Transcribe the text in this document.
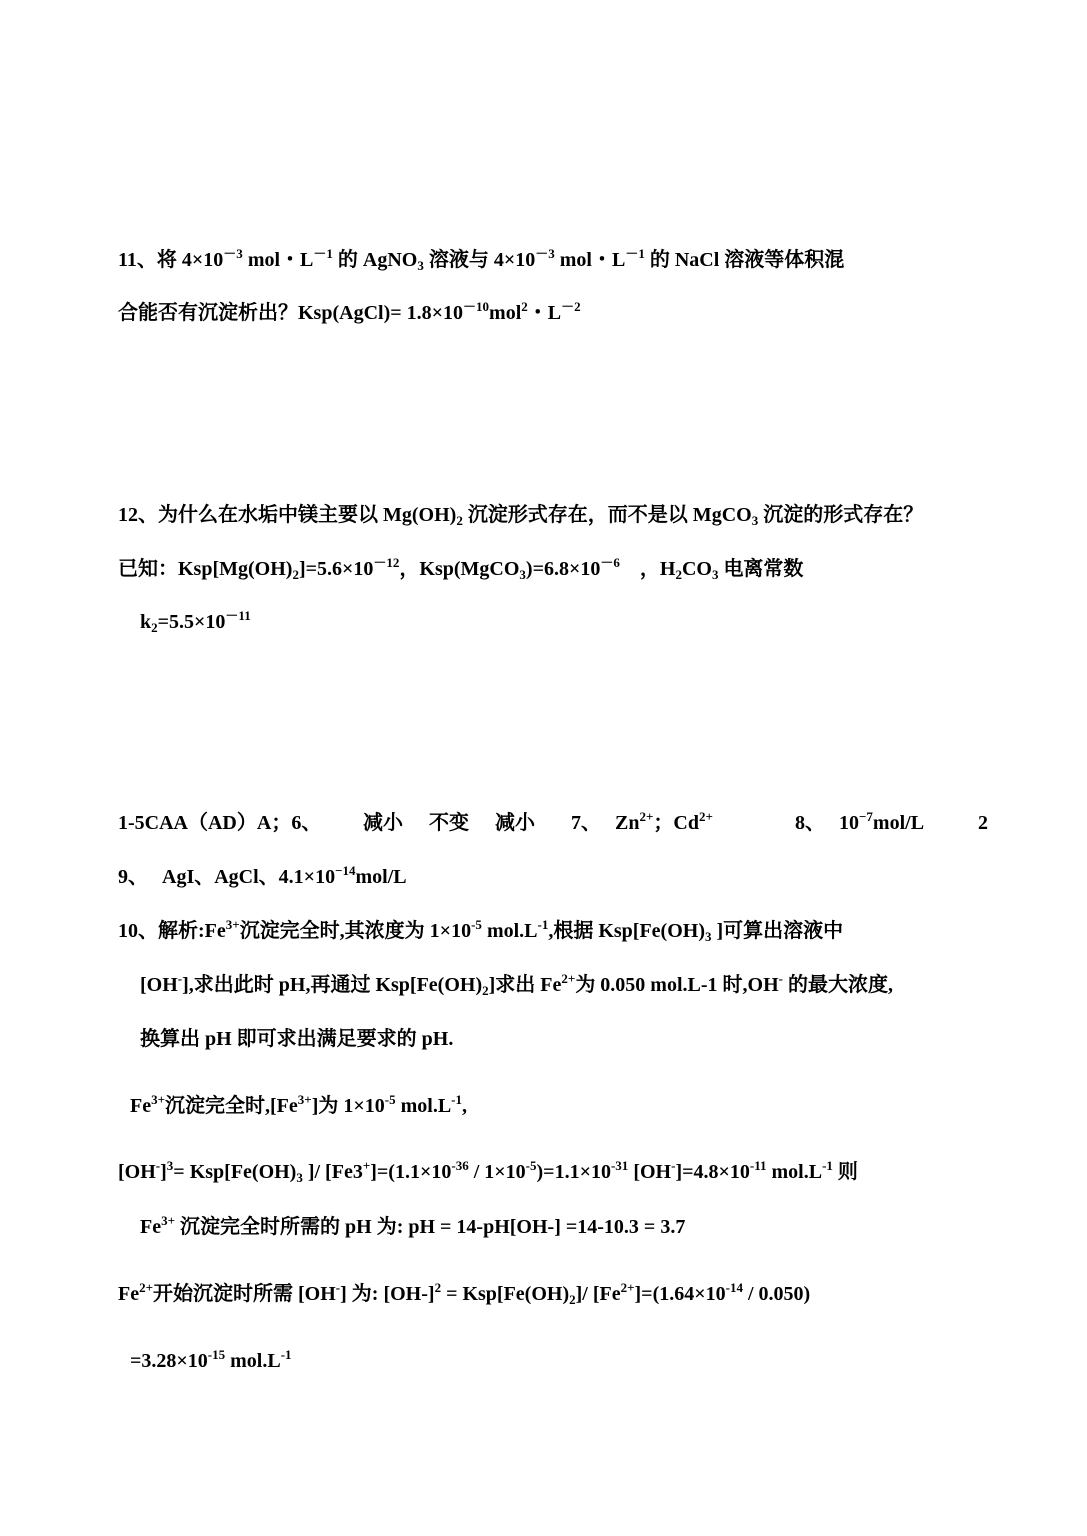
11、将 $4\times 10^{-3}$ mol・$L^{-1}$ 的 AgNO$_3$ 溶液与 $4\times 10^{-3}$ mol・$L^{-1}$ 的 NaCl 溶液等体积混
合能否有沉淀析出？Ksp(AgCl)= $1.8\times 10^{-10}mol^2$・$L^{-2}$
12、为什么在水垢中镁主要以 $Mg(OH)_2$ 沉淀形式存在，而不是以 MgCO$_3$ 沉淀的形式存在？
已知：$Ksp[Mg(OH)_2]=5.6\times 10^{-12}$，$Ksp(MgCO_3)=6.8\times 10^{-6}$　，$H_2CO_3$ 电离常数
$k_2=5.5\times 10^{-11}$
1-5CAA（AD）A；6、 减小 不变 减小 7、 $Zn^{2+}$；$Cd^{2+}$	8、 $10^{-7}mol/L$	2
9、 AgI、AgCl、$4.1\times 10^{-14}mol/L$
10、解析$:Fe^{3+}$沉淀完全时,其浓度为 $1\times 10^{-5}$ $mol.L^{-1}$,根据 $Ksp[Fe(OH)_3$ ]可算出溶液中
[OH-],求出此时 pH,再通过 $Ksp[Fe(OH)_2]$求出 $Fe^{2+}$为 0.050 mol.L-1 时,OH- 的最大浓度,
换算出 pH 即可求出满足要求的 pH.
$Fe^{3+}$沉淀完全时$,[Fe^{3+}]$为 $1\times 10^{-5}$ $mol.L^{-1}$,
$[OH^-]^3= Ksp[Fe(OH)_3$ ]/ $[Fe3^+]=(1.1\times 10^{-36} / 1\times 10^{-5})=1.1\times 10^{-31}$ $[OH^-]=4.8\times 10^{-11}$ $mol.L^{-1}$ 则
$Fe^{3+}$ 沉淀完全时所需的 pH 为: pH = 14-pH[OH-] =14-10.3 = 3.7
$Fe^{2+}$开始沉淀时所需 [OH-] 为: $[OH-]^2 = Ksp[Fe(OH)_2]/$ $[Fe^{2+}]=(1.64\times 10^{-14} / 0.050)$
$=3.28\times 10^{-15}$ $mol.L^{-1}$
